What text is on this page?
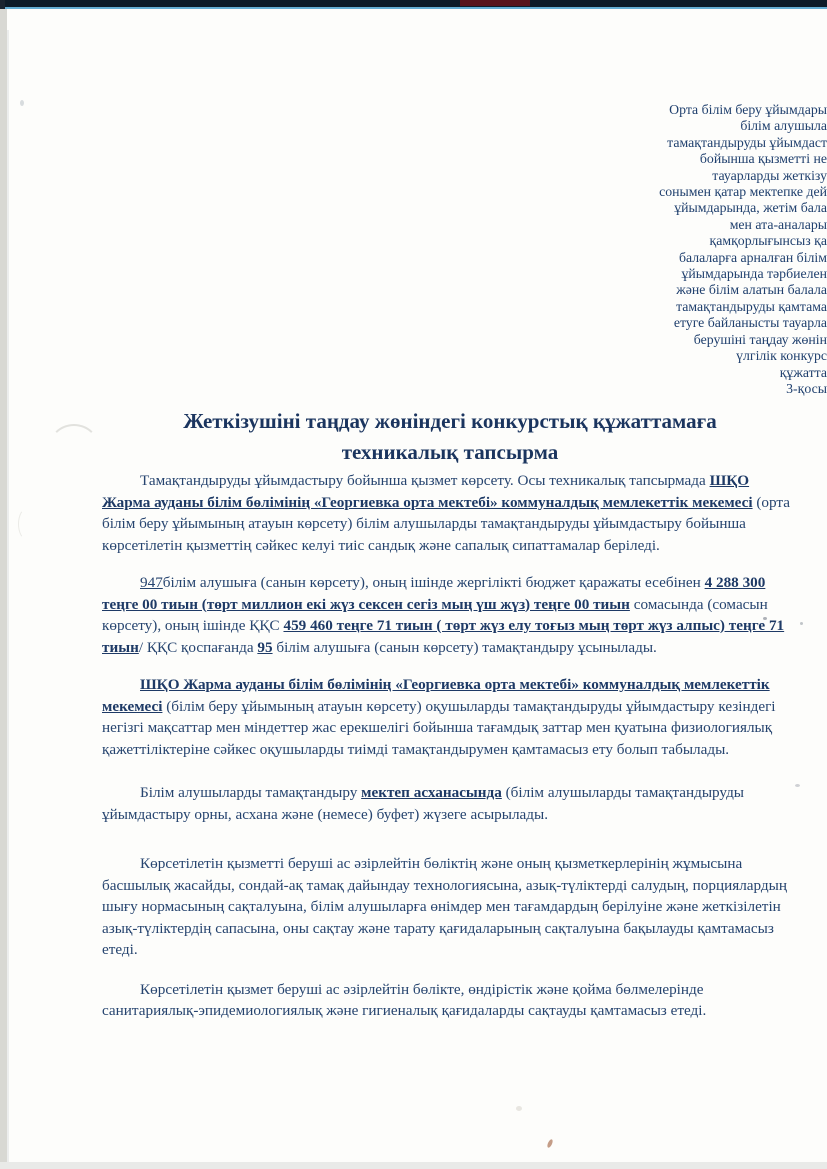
Орта білім беру ұйымдары
білім алушыла
тамақтандыруды ұйымдаст
бойынша қызметті не
тауарларды жеткізу
сонымен қатар мектепке дей
ұйымдарында, жетім бала
мен ата-аналары
қамқорлығынсыз қа
балаларға арналған білім
ұйымдарында тәрбиелен
және білім алатын балала
тамақтандыруды қамтама
етуге байланысты тауарла
берушіні таңдау жөнін
үлгілік конкурс
құжатта
3-қосы
Жеткізушіні таңдау жөніндегі конкурстық құжаттамаға
техникалық тапсырма

Тамақтандыруды ұйымдастыру бойынша қызмет көрсету. Осы техникалық тапсырмада ШҚО Жарма ауданы білім бөлімінің «Георгиевка орта мектебі» коммуналдық мемлекеттік мекемесі (орта білім беру ұйымының атауын көрсету) білім алушыларды тамақтандыруды ұйымдастыру бойынша көрсетілетін қызметтің сәйкес келуі тиіс сандық және сапалық сипаттамалар беріледі.

947білім алушыға (санын көрсету), оның ішінде жергілікті бюджет қаражаты есебінен 4 288 300 теңге 00 тиын (төрт миллион екі жүз сексен сегіз мың үш жүз) теңге 00 тиын сомасында (сомасын көрсету), оның ішінде ҚҚС 459 460 теңге 71 тиын ( төрт жүз елу тоғыз мың төрт жүз алпыс) теңге 71 тиын/ ҚҚС қоспағанда 95 білім алушыға (санын көрсету) тамақтандыру ұсынылады.

ШҚО Жарма ауданы білім бөлімінің «Георгиевка орта мектебі» коммуналдық мемлекеттік мекемесі (білім беру ұйымының атауын көрсету) оқушыларды тамақтандыруды ұйымдастыру кезіндегі негізгі мақсаттар мен міндеттер жас ерекшелігі бойынша тағамдық заттар мен қуатына физиологиялық қажеттіліктеріне сәйкес оқушыларды тиімді тамақтандырумен қамтамасыз ету болып табылады.

Білім алушыларды тамақтандыру мектеп асханасында (білім алушыларды тамақтандыруды ұйымдастыру орны, асхана және (немесе) буфет) жүзеге асырылады.

Көрсетілетін қызметті беруші ас әзірлейтін бөліктің және оның қызметкерлерінің жұмысына басшылық жасайды, сондай-ақ тамақ дайындау технологиясына, азық-түліктерді салудың, порциялардың шығу нормасының сақталуына, білім алушыларға өнімдер мен тағамдардың берілуіне және жеткізілетін азық-түліктердің сапасына, оны сақтау және тарату қағидаларының сақталуына бақылауды қамтамасыз етеді.

Көрсетілетін қызмет беруші ас әзірлейтін бөлікте, өндірістік және қойма бөлмелерінде санитариялық-эпидемиологиялық және гигиеналық қағидаларды сақтауды қамтамасыз етеді.
